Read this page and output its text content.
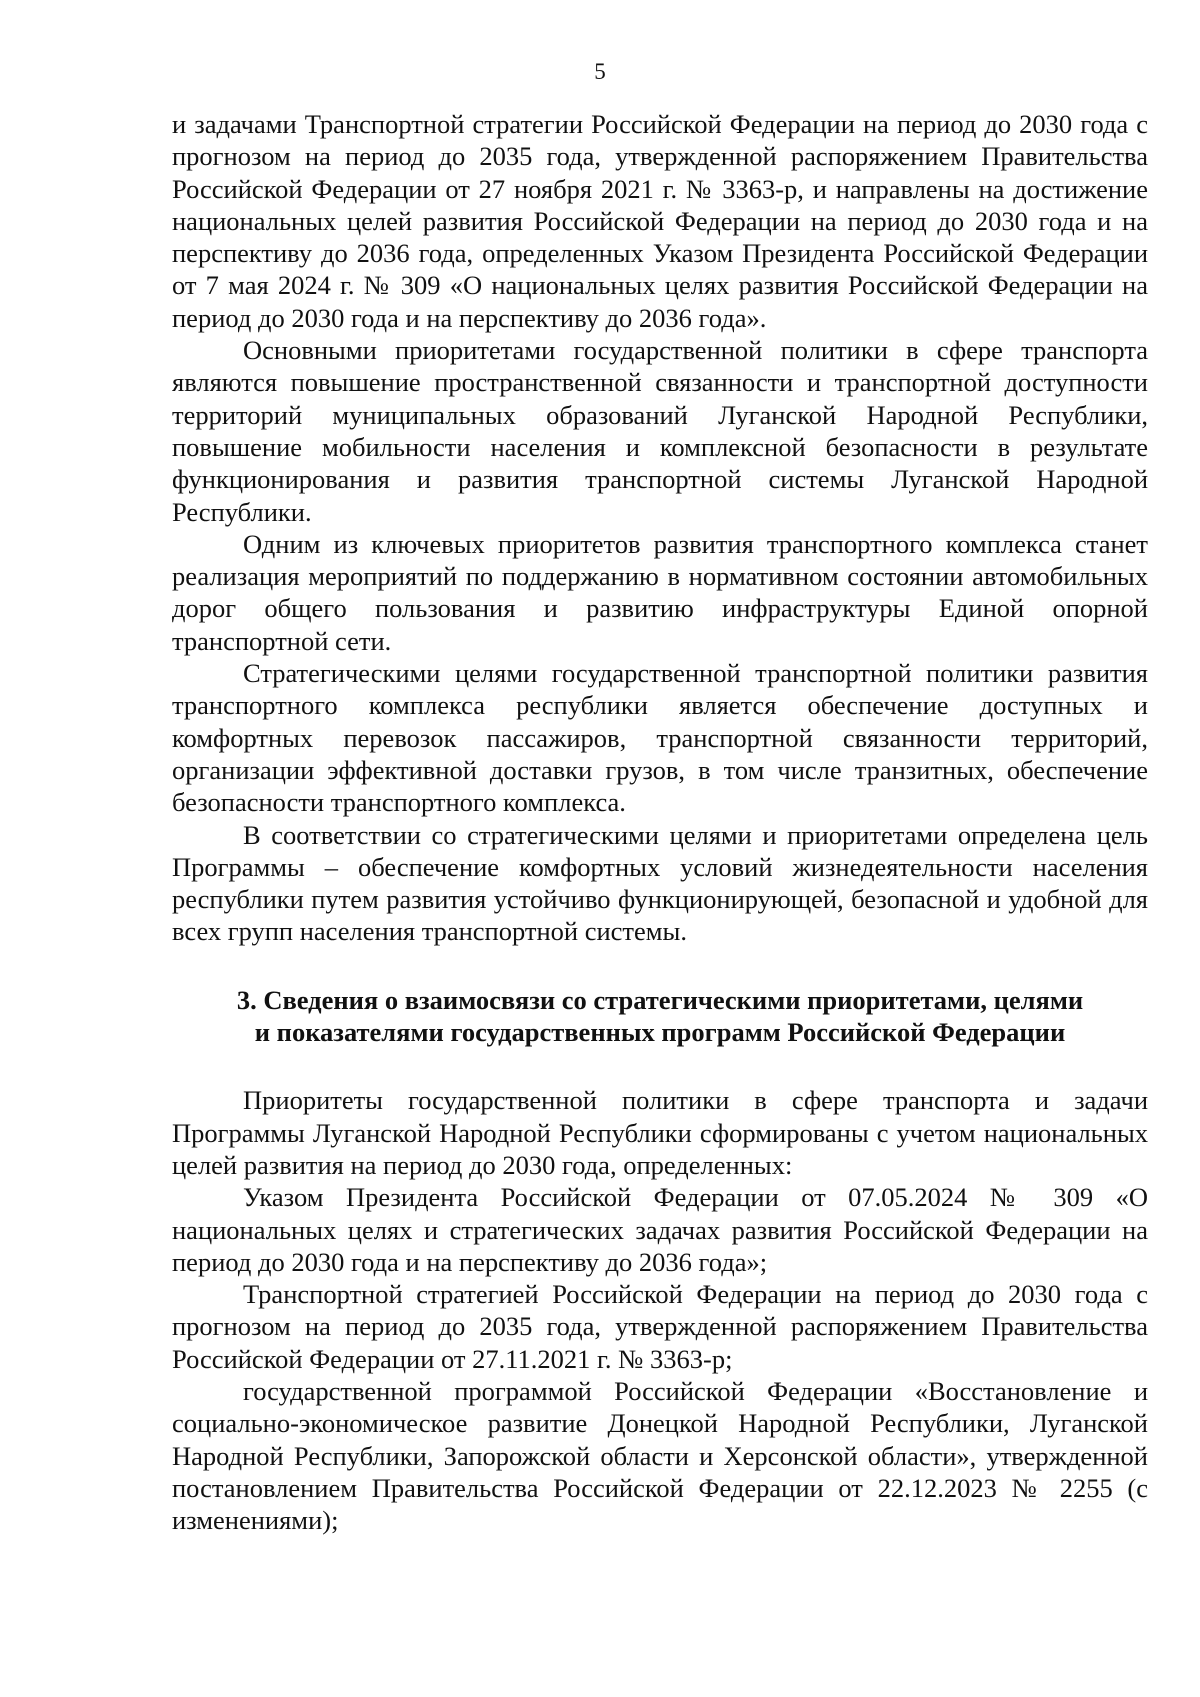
5

и задачами Транспортной стратегии Российской Федерации на период до 2030 года с прогнозом на период до 2035 года, утвержденной распоряжением Правительства Российской Федерации от 27 ноября 2021 г. № 3363-р, и направлены на достижение национальных целей развития Российской Федерации на период до 2030 года и на перспективу до 2036 года, определенных Указом Президента Российской Федерации от 7 мая 2024 г. № 309 «О национальных целях развития Российской Федерации на период до 2030 года и на перспективу до 2036 года».

Основными приоритетами государственной политики в сфере транспорта являются повышение пространственной связанности и транспортной доступности территорий муниципальных образований Луганской Народной Республики, повышение мобильности населения и комплексной безопасности в результате функционирования и развития транспортной системы Луганской Народной Республики.

Одним из ключевых приоритетов развития транспортного комплекса станет реализация мероприятий по поддержанию в нормативном состоянии автомобильных дорог общего пользования и развитию инфраструктуры Единой опорной транспортной сети.

Стратегическими целями государственной транспортной политики развития транспортного комплекса республики является обеспечение доступных и комфортных перевозок пассажиров, транспортной связанности территорий, организации эффективной доставки грузов, в том числе транзитных, обеспечение безопасности транспортного комплекса.

В соответствии со стратегическими целями и приоритетами определена цель Программы – обеспечение комфортных условий жизнедеятельности населения республики путем развития устойчиво функционирующей, безопасной и удобной для всех групп населения транспортной системы.

3. Сведения о взаимосвязи со стратегическими приоритетами, целями
и показателями государственных программ Российской Федерации

Приоритеты государственной политики в сфере транспорта и задачи Программы Луганской Народной Республики сформированы с учетом национальных целей развития на период до 2030 года, определенных:

Указом Президента Российской Федерации от 07.05.2024 № 309 «О национальных целях и стратегических задачах развития Российской Федерации на период до 2030 года и на перспективу до 2036 года»;

Транспортной стратегией Российской Федерации на период до 2030 года с прогнозом на период до 2035 года, утвержденной распоряжением Правительства Российской Федерации от 27.11.2021 г. № 3363-р;

государственной программой Российской Федерации «Восстановление и социально-экономическое развитие Донецкой Народной Республики, Луганской Народной Республики, Запорожской области и Херсонской области», утвержденной постановлением Правительства Российской Федерации от 22.12.2023 № 2255 (с изменениями);
